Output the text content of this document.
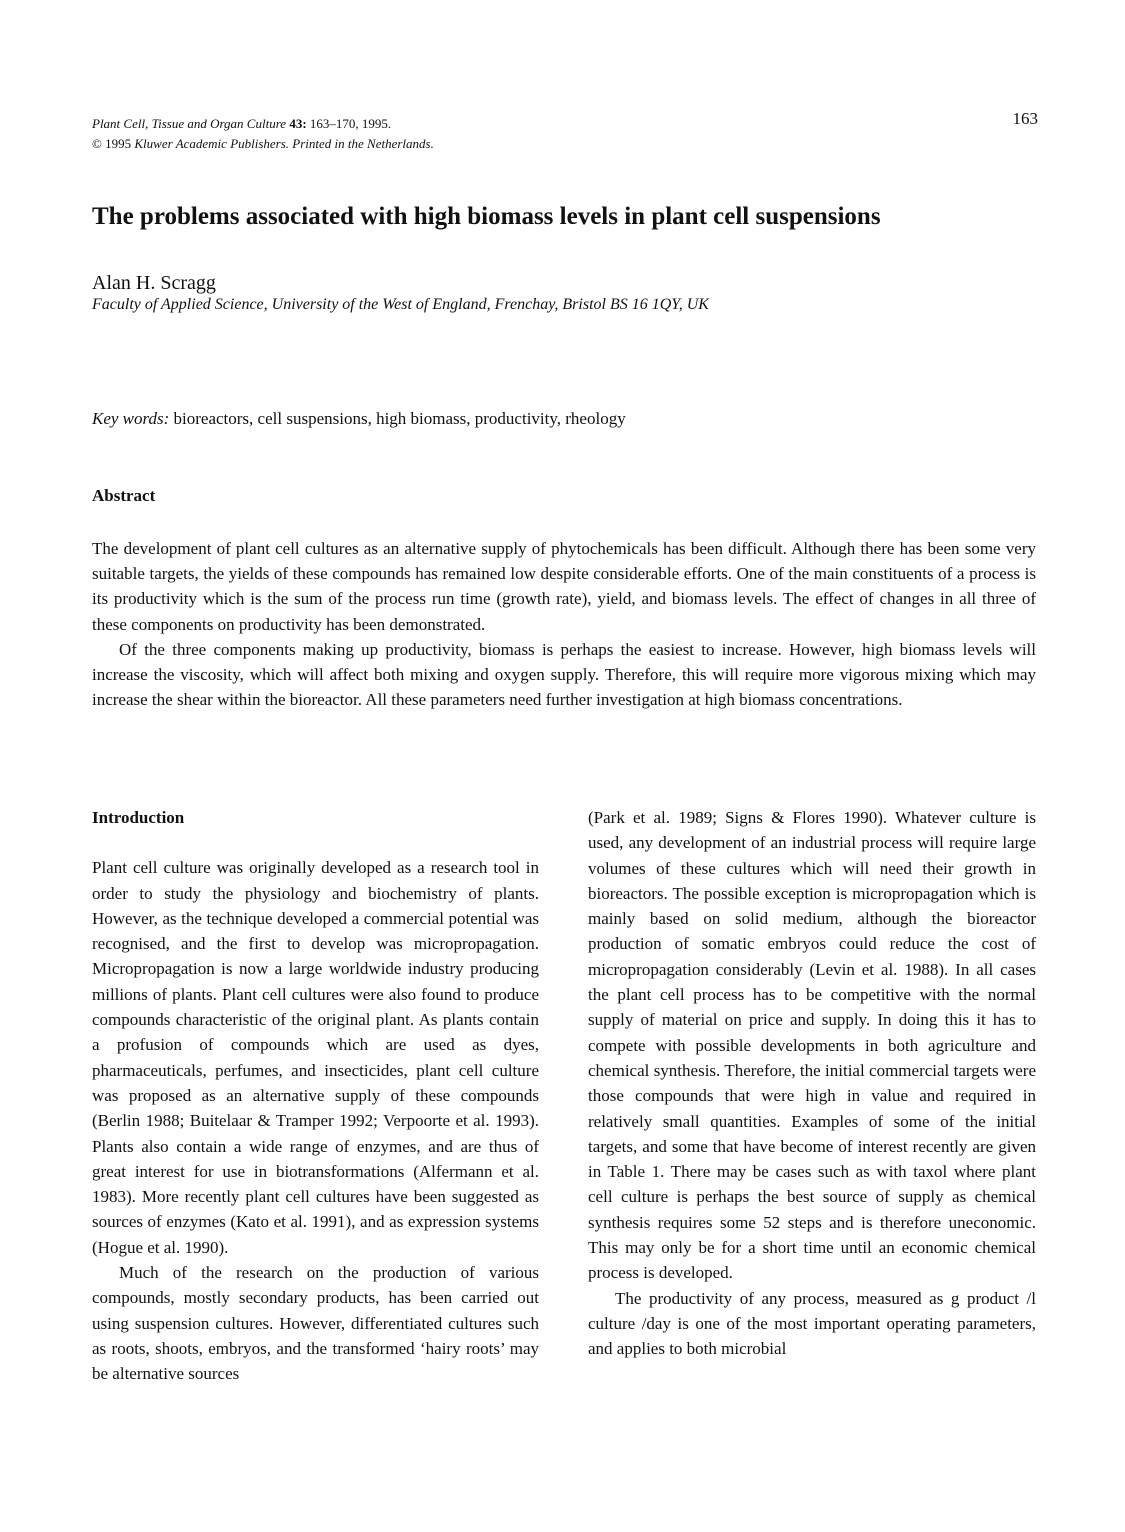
Plant Cell, Tissue and Organ Culture 43: 163–170, 1995.
© 1995 Kluwer Academic Publishers. Printed in the Netherlands.
163
The problems associated with high biomass levels in plant cell suspensions
Alan H. Scragg
Faculty of Applied Science, University of the West of England, Frenchay, Bristol BS 16 1QY, UK
Key words: bioreactors, cell suspensions, high biomass, productivity, rheology
Abstract

The development of plant cell cultures as an alternative supply of phytochemicals has been difficult. Although there has been some very suitable targets, the yields of these compounds has remained low despite considerable efforts. One of the main constituents of a process is its productivity which is the sum of the process run time (growth rate), yield, and biomass levels. The effect of changes in all three of these components on productivity has been demonstrated.

Of the three components making up productivity, biomass is perhaps the easiest to increase. However, high biomass levels will increase the viscosity, which will affect both mixing and oxygen supply. Therefore, this will require more vigorous mixing which may increase the shear within the bioreactor. All these parameters need further investigation at high biomass concentrations.

Introduction

Plant cell culture was originally developed as a research tool in order to study the physiology and biochemistry of plants. However, as the technique developed a commercial potential was recognised, and the first to develop was micropropagation. Micropropagation is now a large worldwide industry producing millions of plants. Plant cell cultures were also found to produce compounds characteristic of the original plant. As plants contain a profusion of compounds which are used as dyes, pharmaceuticals, perfumes, and insecticides, plant cell culture was proposed as an alternative supply of these compounds (Berlin 1988; Buitelaar & Tramper 1992; Verpoorte et al. 1993). Plants also contain a wide range of enzymes, and are thus of great interest for use in biotransformations (Alfermann et al. 1983). More recently plant cell cultures have been suggested as sources of enzymes (Kato et al. 1991), and as expression systems (Hogue et al. 1990).

Much of the research on the production of various compounds, mostly secondary products, has been carried out using suspension cultures. However, differentiated cultures such as roots, shoots, embryos, and the transformed ‘hairy roots’ may be alternative sources

(Park et al. 1989; Signs & Flores 1990). Whatever culture is used, any development of an industrial process will require large volumes of these cultures which will need their growth in bioreactors. The possible exception is micropropagation which is mainly based on solid medium, although the bioreactor production of somatic embryos could reduce the cost of micropropagation considerably (Levin et al. 1988). In all cases the plant cell process has to be competitive with the normal supply of material on price and supply. In doing this it has to compete with possible developments in both agriculture and chemical synthesis. Therefore, the initial commercial targets were those compounds that were high in value and required in relatively small quantities. Examples of some of the initial targets, and some that have become of interest recently are given in Table 1. There may be cases such as with taxol where plant cell culture is perhaps the best source of supply as chemical synthesis requires some 52 steps and is therefore uneconomic. This may only be for a short time until an economic chemical process is developed.

The productivity of any process, measured as g product /l culture /day is one of the most important operating parameters, and applies to both microbial
